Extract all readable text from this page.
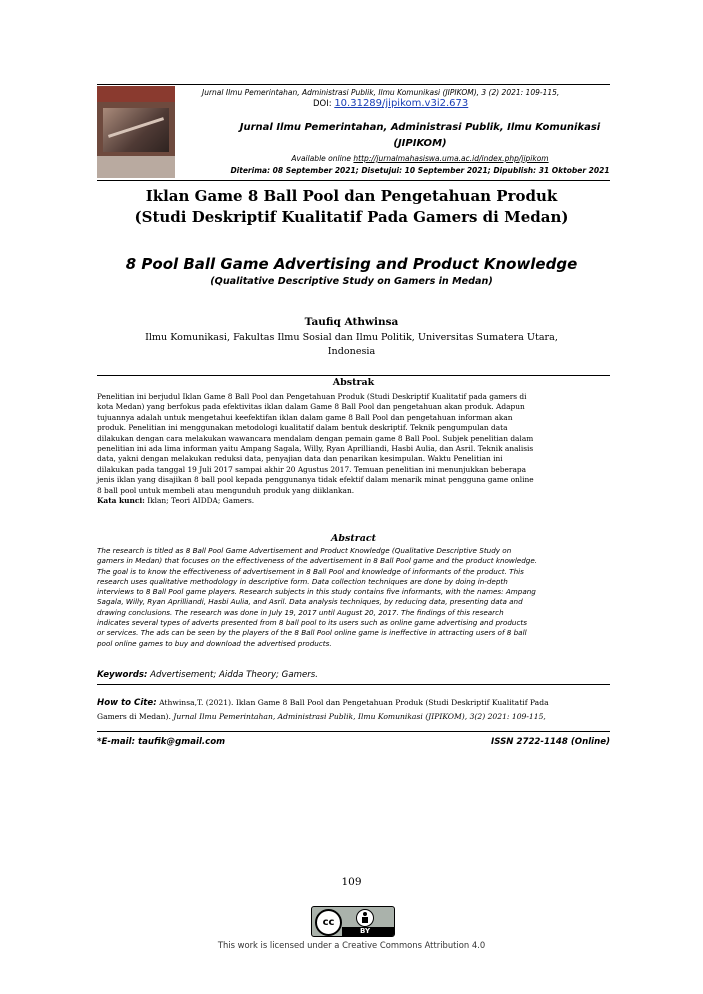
Jurnal Ilmu Pemerintahan, Administrasi Publik, Ilmu Komunikasi (JIPIKOM), 3 (2) 2021: 109-115,
DOI: 10.31289/jipikom.v3i2.673
Jurnal Ilmu Pemerintahan, Administrasi Publik, Ilmu Komunikasi
(JIPIKOM)
Available online http://jurnalmahasiswa.uma.ac.id/index.php/jipikom
Diterima: 08 September 2021; Disetujui: 10 September 2021; Dipublish: 31 Oktober 2021
Iklan Game 8 Ball Pool dan Pengetahuan Produk
(Studi Deskriptif Kualitatif Pada Gamers di Medan)
8 Pool Ball Game Advertising and Product Knowledge
(Qualitative Descriptive Study on Gamers in Medan)
Taufiq Athwinsa
Ilmu Komunikasi, Fakultas Ilmu Sosial dan Ilmu Politik, Universitas Sumatera Utara,
Indonesia
Abstrak
Penelitian ini berjudul Iklan Game 8 Ball Pool dan Pengetahuan Produk (Studi Deskriptif Kualitatif pada gamers di
kota Medan) yang berfokus pada efektivitas iklan dalam Game 8 Ball Pool dan pengetahuan akan produk. Adapun
tujuannya adalah untuk mengetahui keefektifan iklan dalam game 8 Ball Pool dan pengetahuan informan akan
produk. Penelitian ini menggunakan metodologi kualitatif dalam bentuk deskriptif. Teknik pengumpulan data
dilakukan dengan cara melakukan wawancara mendalam dengan pemain game 8 Ball Pool. Subjek penelitian dalam
penelitian ini ada lima informan yaitu Ampang Sagala, Willy, Ryan Aprilliandi, Hasbi Aulia, dan Asril. Teknik analisis
data, yakni dengan melakukan reduksi data, penyajian data dan penarikan kesimpulan. Waktu Penelitian ini
dilakukan pada tanggal 19 Juli 2017 sampai akhir 20 Agustus 2017. Temuan penelitian ini menunjukkan beberapa
jenis iklan yang disajikan 8 ball pool kepada penggunanya tidak efektif dalam menarik minat pengguna game online
8 ball pool untuk membeli atau mengunduh produk yang diiklankan.
Kata kunci: Iklan; Teori AIDDA; Gamers.
Abstract
The research is titled as 8 Ball Pool Game Advertisement and Product Knowledge (Qualitative Descriptive Study on
gamers in Medan) that focuses on the effectiveness of the advertisement in 8 Ball Pool game and the product knowledge.
The goal is to know the effectiveness of advertisement in 8 Ball Pool and knowledge of informants of the product. This
research uses qualitative methodology in descriptive form. Data collection techniques are done by doing in-depth
interviews to 8 Ball Pool game players. Research subjects in this study contains five informants, with the names: Ampang
Sagala, Willy, Ryan Aprilliandi, Hasbi Aulia, and Asril. Data analysis techniques, by reducing data, presenting data and
drawing conclusions. The research was done in July 19, 2017 until August 20, 2017. The findings of this research
indicates several types of adverts presented from 8 ball pool to its users such as online game advertising and products
or services. The ads can be seen by the players of the 8 Ball Pool online game is ineffective in attracting users of 8 ball
pool online games to buy and download the advertised products.
Keywords: Advertisement; Aidda Theory; Gamers.
How to Cite: Athwinsa,T. (2021). Iklan Game 8 Ball Pool dan Pengetahuan Produk (Studi Deskriptif Kualitatif Pada
Gamers di Medan). Jurnal Ilmu Pemerintahan, Administrasi Publik, Ilmu Komunikasi (JIPIKOM), 3(2) 2021: 109-115,
*E-mail: taufik@gmail.com	ISSN 2722-1148 (Online)
109
cc
BY
This work is licensed under a Creative Commons Attribution 4.0
